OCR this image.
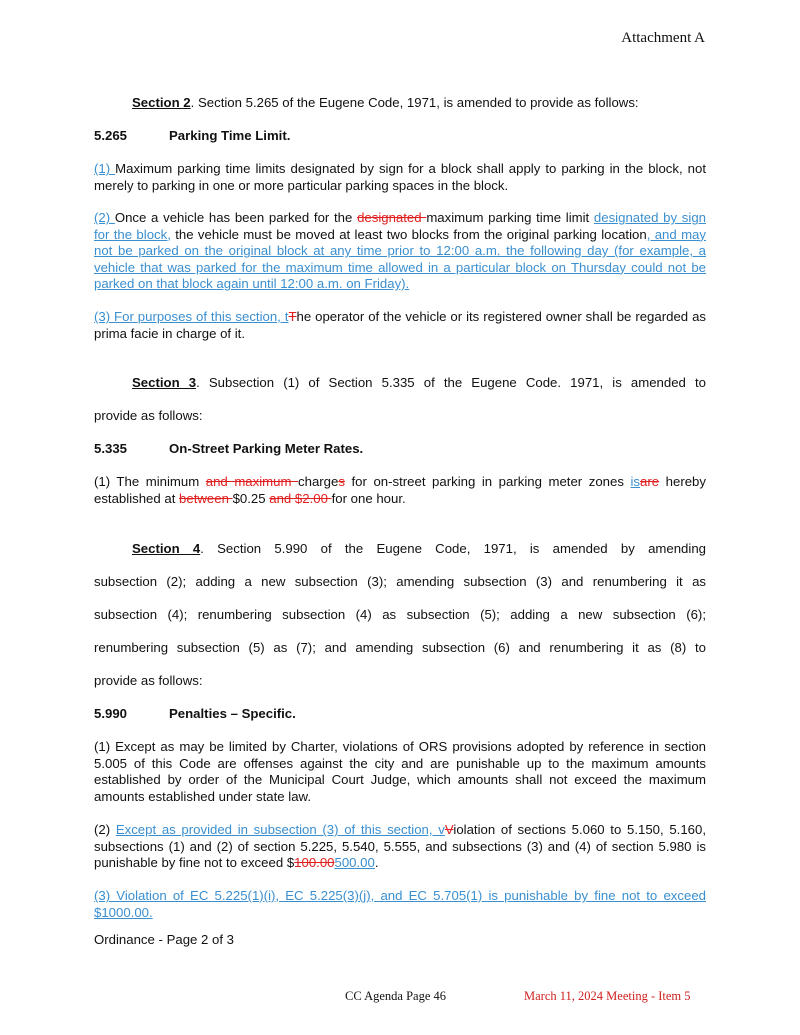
Attachment A
Section 2. Section 5.265 of the Eugene Code, 1971, is amended to provide as follows:
5.265	Parking Time Limit.
(1) Maximum parking time limits designated by sign for a block shall apply to parking in the block, not merely to parking in one or more particular parking spaces in the block.
(2) Once a vehicle has been parked for the designated maximum parking time limit designated by sign for the block, the vehicle must be moved at least two blocks from the original parking location, and may not be parked on the original block at any time prior to 12:00 a.m. the following day (for example, a vehicle that was parked for the maximum time allowed in a particular block on Thursday could not be parked on that block again until 12:00 a.m. on Friday).
(3) For purposes of this section, tThe operator of the vehicle or its registered owner shall be regarded as prima facie in charge of it.
Section 3. Subsection (1) of Section 5.335 of the Eugene Code. 1971, is amended to
provide as follows:
5.335	On-Street Parking Meter Rates.
(1) The minimum and maximum charges for on-street parking in parking meter zones isare hereby established at between $0.25 and $2.00 for one hour.
Section 4. Section 5.990 of the Eugene Code, 1971, is amended by amending
subsection (2); adding a new subsection (3); amending subsection (3) and renumbering it as
subsection (4); renumbering subsection (4) as subsection (5); adding a new subsection (6);
renumbering subsection (5) as (7); and amending subsection (6) and renumbering it as (8) to
provide as follows:
5.990	Penalties – Specific.
(1) Except as may be limited by Charter, violations of ORS provisions adopted by reference in section 5.005 of this Code are offenses against the city and are punishable up to the maximum amounts established by order of the Municipal Court Judge, which amounts shall not exceed the maximum amounts established under state law.
(2) Except as provided in subsection (3) of this section, vViolation of sections 5.060 to 5.150, 5.160, subsections (1) and (2) of section 5.225, 5.540, 5.555, and subsections (3) and (4) of section 5.980 is punishable by fine not to exceed $100.00500.00.
(3) Violation of EC 5.225(1)(i), EC 5.225(3)(j), and EC 5.705(1) is punishable by fine not to exceed $1000.00.
Ordinance - Page 2 of 3
CC Agenda Page 46	March 11, 2024 Meeting - Item 5
